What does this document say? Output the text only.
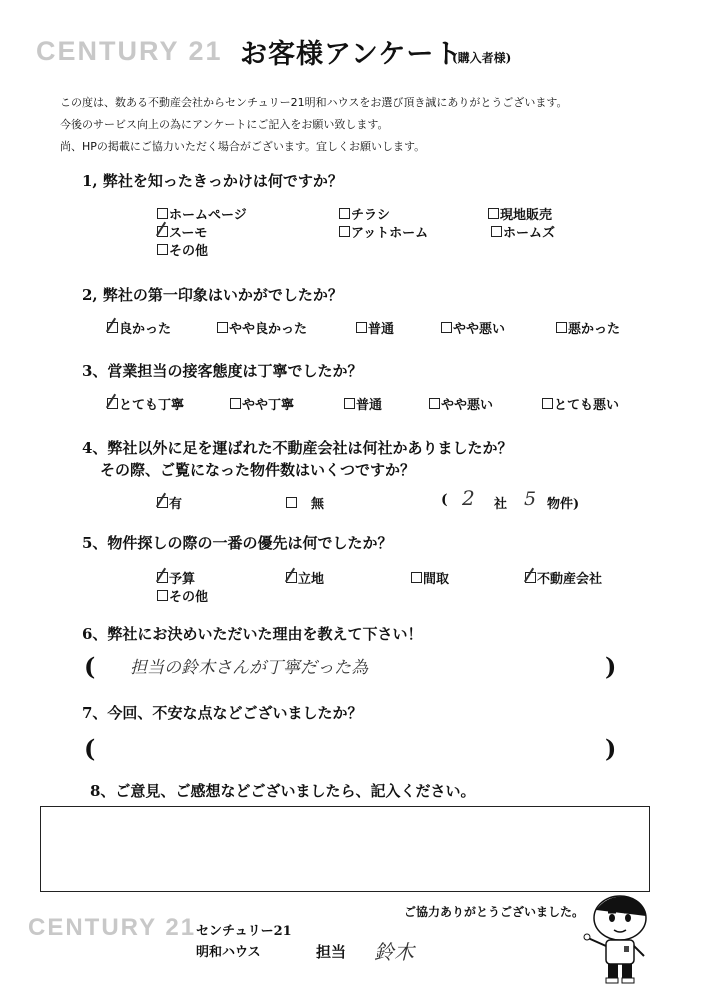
CENTURY 21 お客様アンケート
(購入者様)
この度は、数ある不動産会社からセンチュリー21明和ハウスをお選び頂き誠にありがとうございます。
今後のサービス向上の為にアンケートにご記入をお願い致します。
尚、HPの掲載にご協力いただく場合がございます。宜しくお願いします。
1, 弊社を知ったきっかけは何ですか？
ホームページ	チラシ	現地販売
スーモ	アットホーム	ホームズ
その他
2, 弊社の第一印象はいかがでしたか？
良かった	やや良かった	普通	やや悪い	悪かった
3、営業担当の接客態度は丁寧でしたか？
とても丁寧	やや丁寧	普通	やや悪い	とても悪い
4、弊社以外に足を運ばれた不動産会社は何社かありましたか？
その際、ご覧になった物件数はいくつですか？
有	無	( 2 社 5 物件)
5、物件探しの際の一番の優先は何でしたか？
予算	立地	間取	不動産会社
その他
6、弊社にお決めいただいた理由を教えて下さい！
( 担当の鈴木さんが丁寧だった為	)
7、今回、不安な点などございましたか？
(	)
8、ご意見、ご感想などございましたら、記入ください。
ご協力ありがとうございました。
CENTURY 21 センチュリー21
明和ハウス	担当 鈴木
